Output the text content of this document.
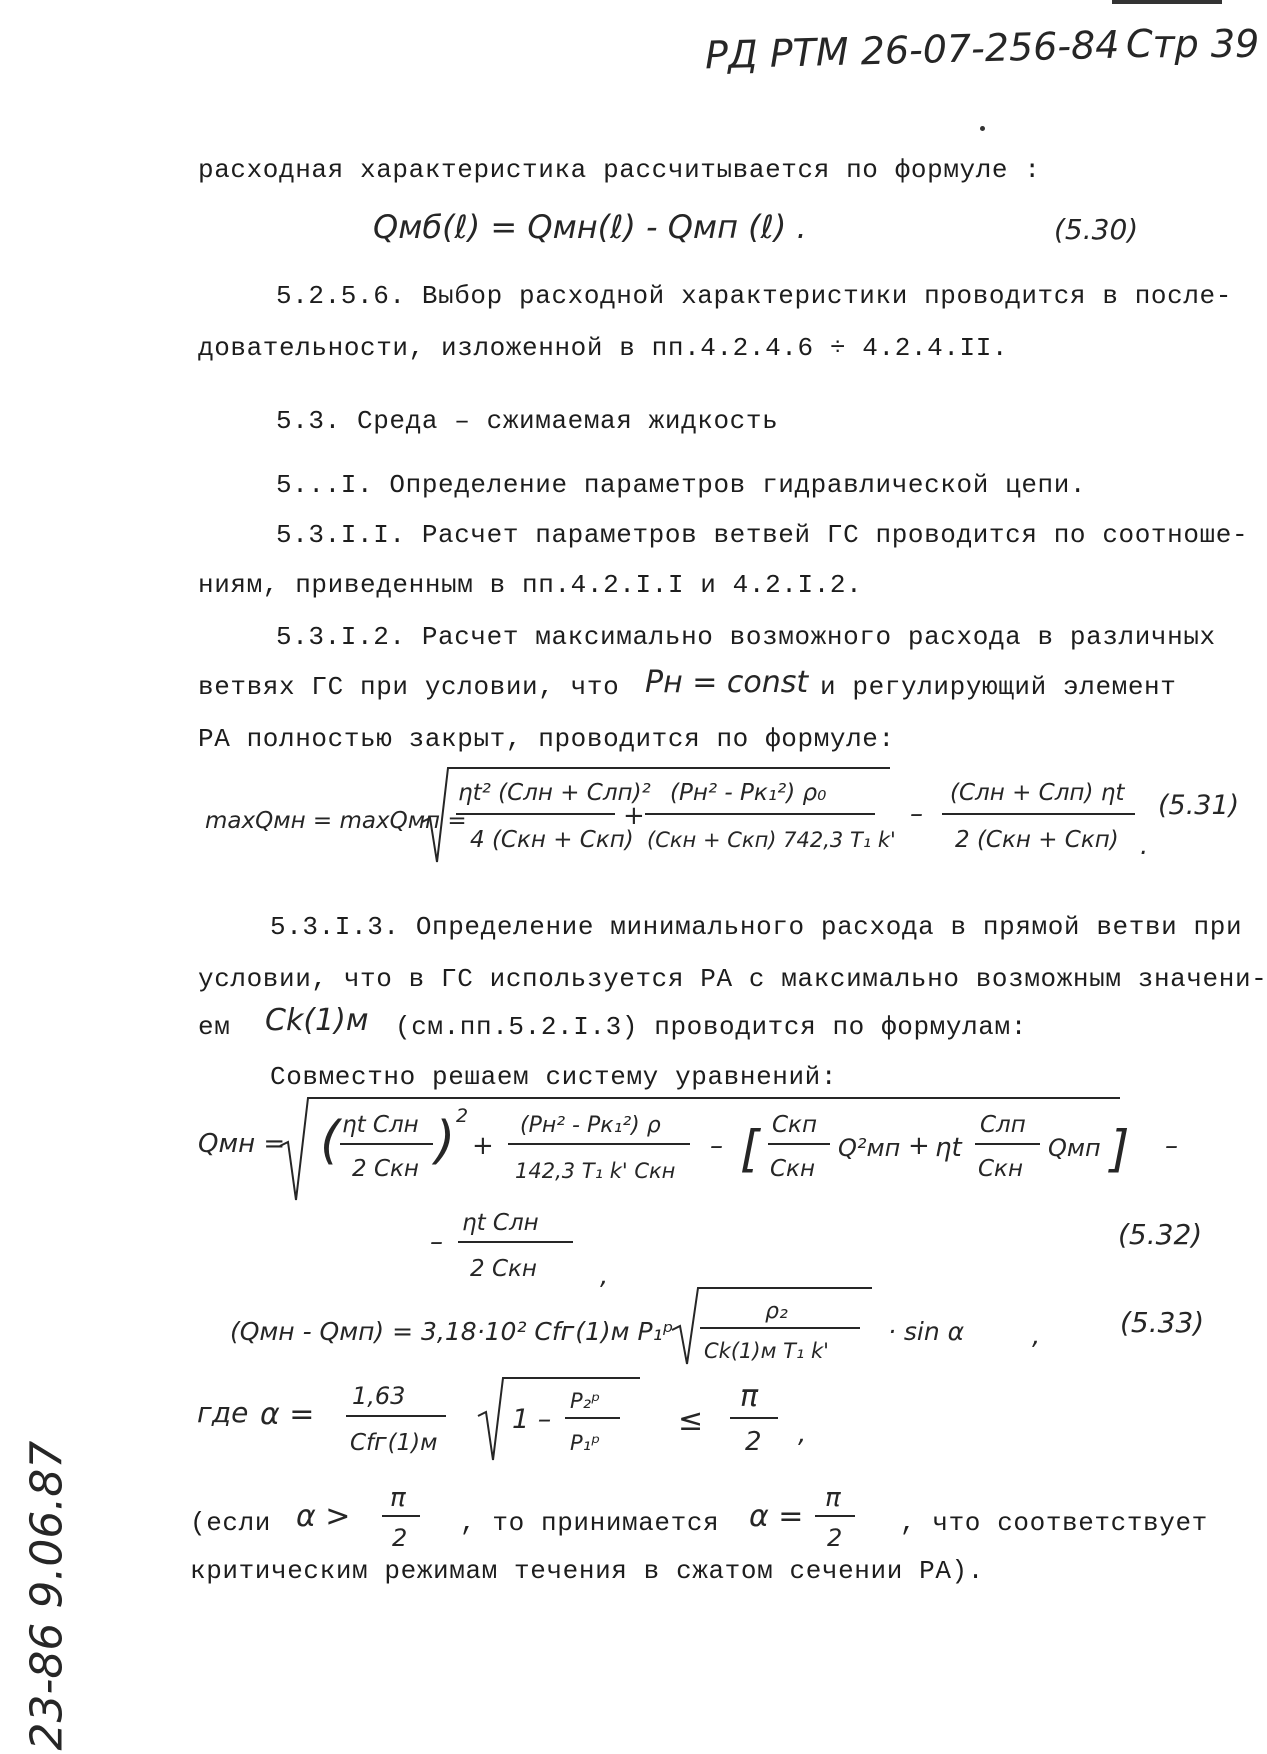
РД РТМ 26-07-256-84 Стр 39
расходная характеристика рассчитывается по формуле :
Qмб(ℓ) = Qмн(ℓ) - Qмп (ℓ) .	(5.30)
5.2.5.6. Выбор расходной характеристики проводится в после-
довательности, изложенной в пп.4.2.4.6 ÷ 4.2.4.II.
5.3. Среда – сжимаемая жидкость
5...I. Определение параметров гидравлической цепи.
5.3.I.I. Расчет параметров ветвей ГС проводится по соотноше-
ниям, приведенным в пп.4.2.I.I и 4.2.I.2.
5.3.I.2. Расчет максимально возможного расхода в различных
ветвях ГС при условии, что Pн = const и регулирующий элемент
РА полностью закрыт, проводится по формуле:
maxQмн = maxQмп =
ηt² (Cлн + Cлп)²
4 (Cкн + Cкп)
+
(Pн² - Pк₁²) ρ₀
(Cкн + Cкп) 742,3 T₁ k'
–
(Cлн + Cлп) ηt
2 (Cкн + Cкп) .
(5.31)
5.3.I.3. Определение минимального расхода в прямой ветви при
условии, что в ГС используется РА с максимально возможным значени-
ем Ck(1)м (см.пп.5.2.I.3) проводится по формулам:
Совместно решаем систему уравнений:
Qмн = ( ηt Cлн
2 Cкн ) 2
+
(Pн² - Pк₁²) ρ
142,3 T₁ k' Cкн
– [ Cкп
Cкн
Q²мп + ηt
Cлп
Cкн
Qмп ] –
–
ηt Cлн
2 Cкн ,
(5.32)
(Qмн - Qмп) = 3,18·10² Cfᴦ(1)м P₁ᵖ
ρ₂
Ck(1)м T₁ k'
· sin α	,	(5.33)
где α =
1,63
Cfᴦ(1)м
1 –
P₂ᵖ
P₁ᵖ
≤
π
2 ,
(если α >
π
2 , то принимается α =
π
2 , что соответствует
критическим режимам течения в сжатом сечении РА).
23-86 9.06.87
